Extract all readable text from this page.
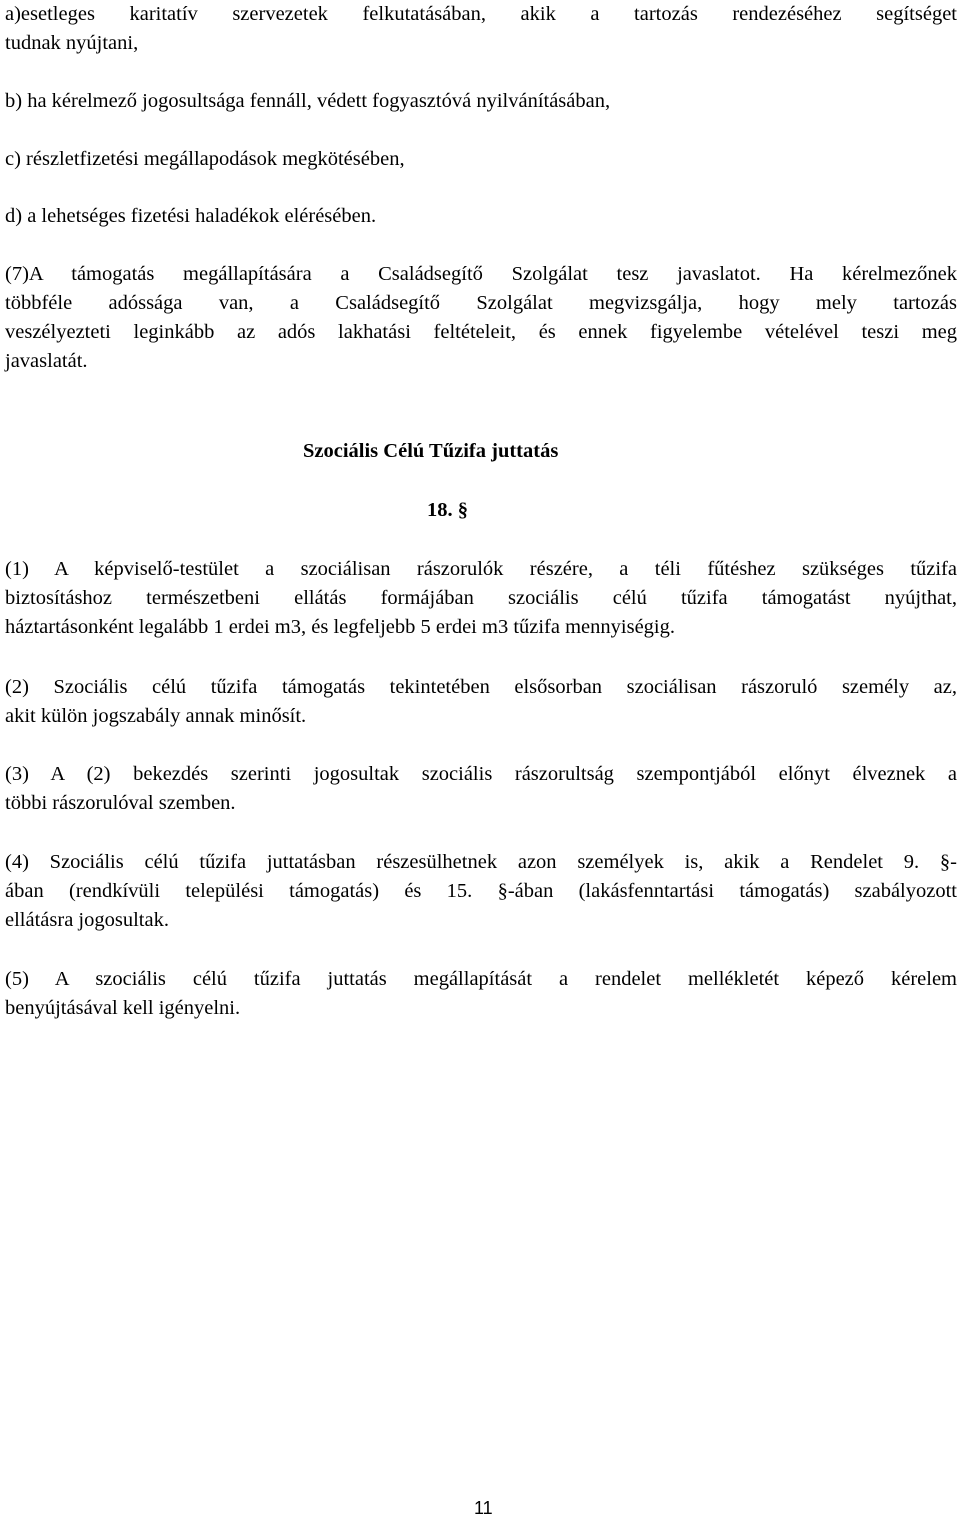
a)esetleges karitatív szervezetek felkutatásában, akik a tartozás rendezéséhez segítséget
tudnak nyújtani,

b) ha kérelmező jogosultsága fennáll, védett fogyasztóvá nyilvánításában,

c) részletfizetési megállapodások megkötésében,

d) a lehetséges fizetési haladékok elérésében.

(7)A támogatás megállapítására a Családsegítő Szolgálat tesz javaslatot. Ha kérelmezőnek
többféle adóssága van, a Családsegítő Szolgálat megvizsgálja, hogy mely tartozás
veszélyezteti leginkább az adós lakhatási feltételeit, és ennek figyelembe vételével teszi meg
javaslatát.

Szociális Célú Tűzifa juttatás
18. §

(1) A képviselő-testület a szociálisan rászorulók részére, a téli fűtéshez szükséges tűzifa
biztosításhoz természetbeni ellátás formájában szociális célú tűzifa támogatást nyújthat,
háztartásonként legalább 1 erdei m3, és legfeljebb 5 erdei m3 tűzifa mennyiségig.

(2) Szociális célú tűzifa támogatás tekintetében elsősorban szociálisan rászoruló személy az,
akit külön jogszabály annak minősít.

(3) A (2) bekezdés szerinti jogosultak szociális rászorultság szempontjából előnyt élveznek a
többi rászorulóval szemben.

(4) Szociális célú tűzifa juttatásban részesülhetnek azon személyek is, akik a Rendelet 9. §-
ában (rendkívüli települési támogatás) és 15. §-ában (lakásfenntartási támogatás) szabályozott
ellátásra jogosultak.

(5) A szociális célú tűzifa juttatás megállapítását a rendelet mellékletét képező kérelem
benyújtásával kell igényelni.

11
